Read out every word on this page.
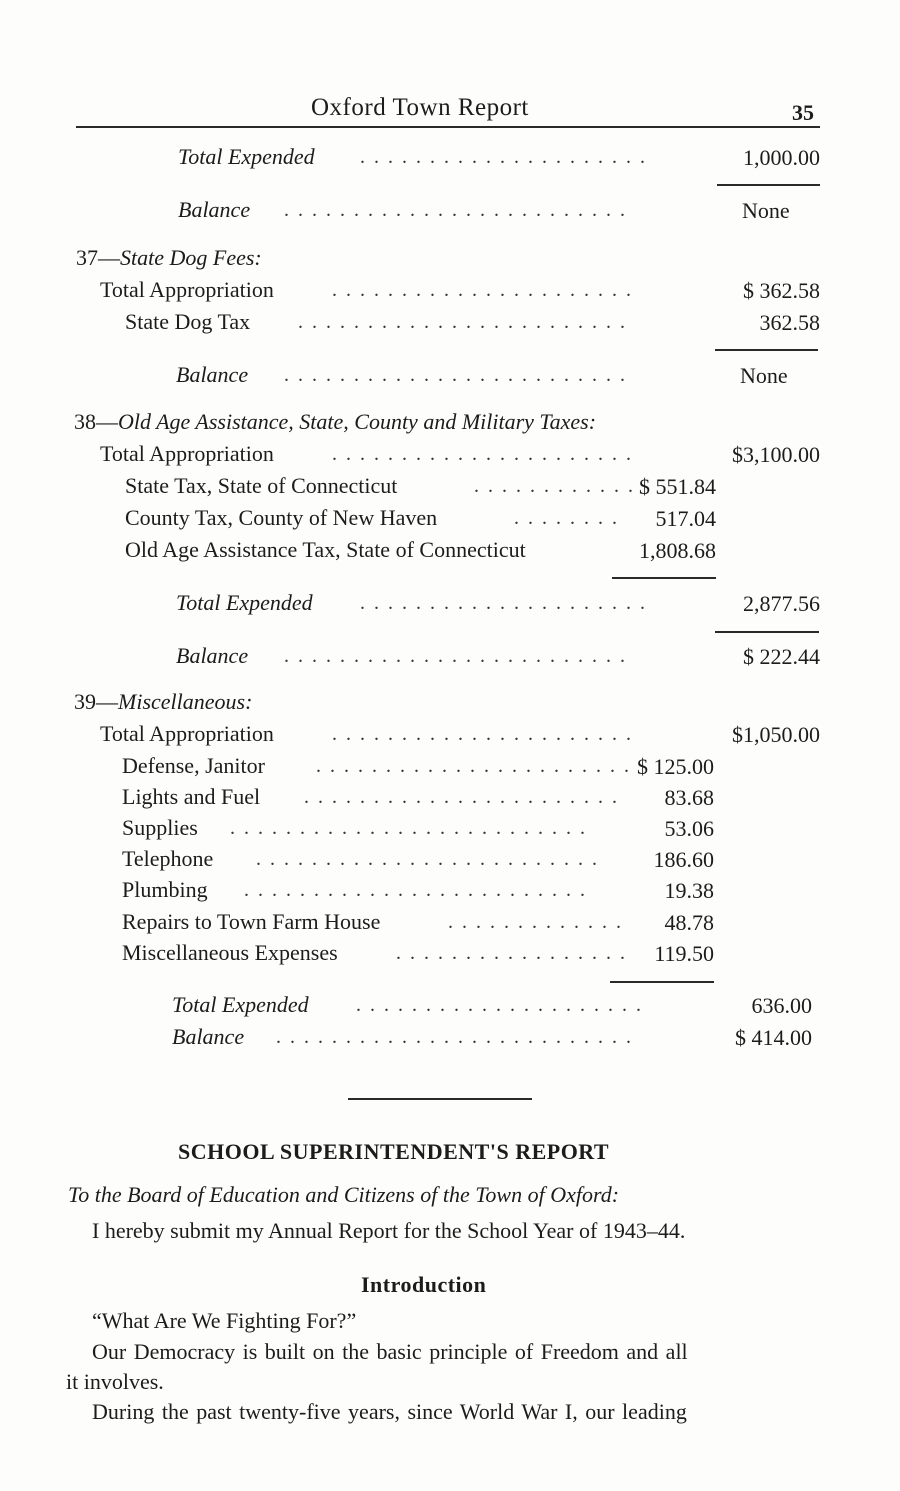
Oxford Town Report	35
Total Expended . . . . . . . . . . . . . . . . . . . . .	1,000.00
Balance . . . . . . . . . . . . . . . . . . . . . . . . .	None
37—State Dog Fees:
Total Appropriation	. . . . . . . . . . . . . . . . . . . . . .	$ 362.58
State Dog Tax . . . . . . . . . . . . . . . . . . . . . . . .	362.58
Balance . . . . . . . . . . . . . . . . . . . . . . . . .	None
38—Old Age Assistance, State, County and Military Taxes:
Total Appropriation	. . . . . . . . . . . . . . . . . . . . . .	$3,100.00
State Tax, State of Connecticut	. . . . . . . . . . . . $ 551.84
County Tax, County of New Haven	. . . . . . . . 517.04
Old Age Assistance Tax, State of Connecticut	1,808.68
Total Expended . . . . . . . . . . . . . . . . . . . . .	2,877.56
Balance . . . . . . . . . . . . . . . . . . . . . . . . .	$ 222.44
39—Miscellaneous:
Total Appropriation	. . . . . . . . . . . . . . . . . . . . . .	$1,050.00
Defense, Janitor	. . . . . . . . . . . . . . . . . . . . . . . $ 125.00
Lights and Fuel . . . . . . . . . . . . . . . . . . . . . . . 83.68
Supplies . . . . . . . . . . . . . . . . . . . . . . . . . .	53.06
Telephone . . . . . . . . . . . . . . . . . . . . . . . . . 186.60
Plumbing . . . . . . . . . . . . . . . . . . . . . . . . .	19.38
Repairs to Town Farm House	. . . . . . . . . . . . . 48.78
Miscellaneous Expenses	. . . . . . . . . . . . . . . . . 119.50
Total Expended . . . . . . . . . . . . . . . . . . . . .	636.00
Balance . . . . . . . . . . . . . . . . . . . . . . . . . .	$ 414.00
SCHOOL SUPERINTENDENT'S REPORT
To the Board of Education and Citizens of the Town of Oxford:
I hereby submit my Annual Report for the School Year of 1943–44.
Introduction
“What Are We Fighting For?”
Our Democracy is built on the basic principle of Freedom and all
it involves.
During the past twenty-five years, since World War I, our leading
